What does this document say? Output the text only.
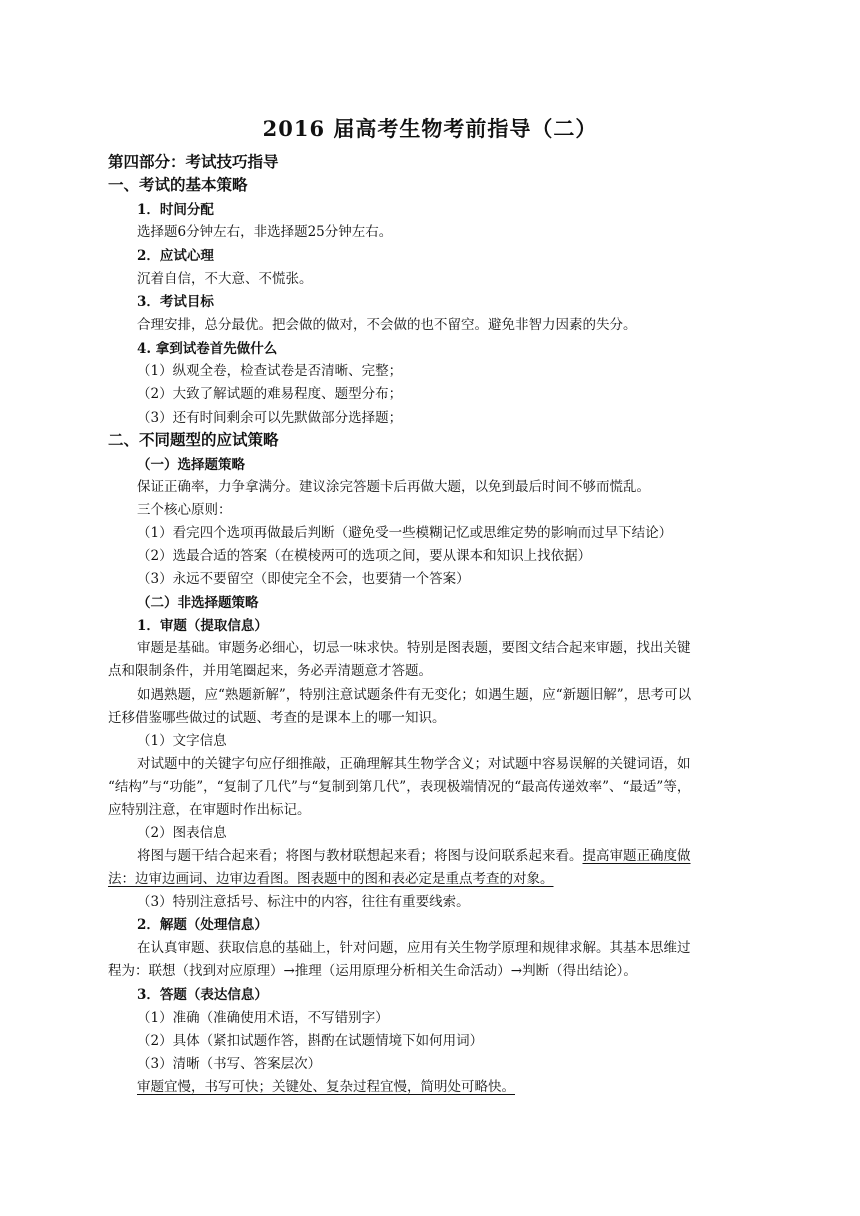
2016 届高考生物考前指导（二）
第四部分：考试技巧指导
一、考试的基本策略
1．时间分配
选择题6分钟左右，非选择题25分钟左右。
2．应试心理
沉着自信，不大意、不慌张。
3．考试目标
合理安排，总分最优。把会做的做对，不会做的也不留空。避免非智力因素的失分。
4. 拿到试卷首先做什么
（1）纵观全卷，检查试卷是否清晰、完整；
（2）大致了解试题的难易程度、题型分布；
（3）还有时间剩余可以先默做部分选择题；
二、不同题型的应试策略
（一）选择题策略
保证正确率，力争拿满分。建议涂完答题卡后再做大题，以免到最后时间不够而慌乱。
三个核心原则：
（1）看完四个选项再做最后判断（避免受一些模糊记忆或思维定势的影响而过早下结论）
（2）选最合适的答案（在模棱两可的选项之间，要从课本和知识上找依据）
（3）永远不要留空（即使完全不会，也要猜一个答案）
（二）非选择题策略
1．审题（提取信息）
审题是基础。审题务必细心，切忌一味求快。特别是图表题，要图文结合起来审题，找出关键
点和限制条件，并用笔圈起来，务必弄清题意才答题。
如遇熟题，应“熟题新解”，特别注意试题条件有无变化；如遇生题，应“新题旧解”，思考可以
迁移借鉴哪些做过的试题、考查的是课本上的哪一知识。
（1）文字信息
对试题中的关键字句应仔细推敲，正确理解其生物学含义；对试题中容易误解的关键词语，如
“结构”与“功能”，“复制了几代”与“复制到第几代”，表现极端情况的“最高传递效率”、“最适”等，
应特别注意，在审题时作出标记。
（2）图表信息
将图与题干结合起来看；将图与教材联想起来看；将图与设问联系起来看。提高审题正确度做
法：边审边画词、边审边看图。图表题中的图和表必定是重点考查的对象。
（3）特别注意括号、标注中的内容，往往有重要线索。
2．解题（处理信息）
在认真审题、获取信息的基础上，针对问题，应用有关生物学原理和规律求解。其基本思维过
程为：联想（找到对应原理）→推理（运用原理分析相关生命活动）→判断（得出结论）。
3．答题（表达信息）
（1）准确（准确使用术语，不写错别字）
（2）具体（紧扣试题作答，斟酌在试题情境下如何用词）
（3）清晰（书写、答案层次）
审题宜慢，书写可快；关键处、复杂过程宜慢，简明处可略快。
